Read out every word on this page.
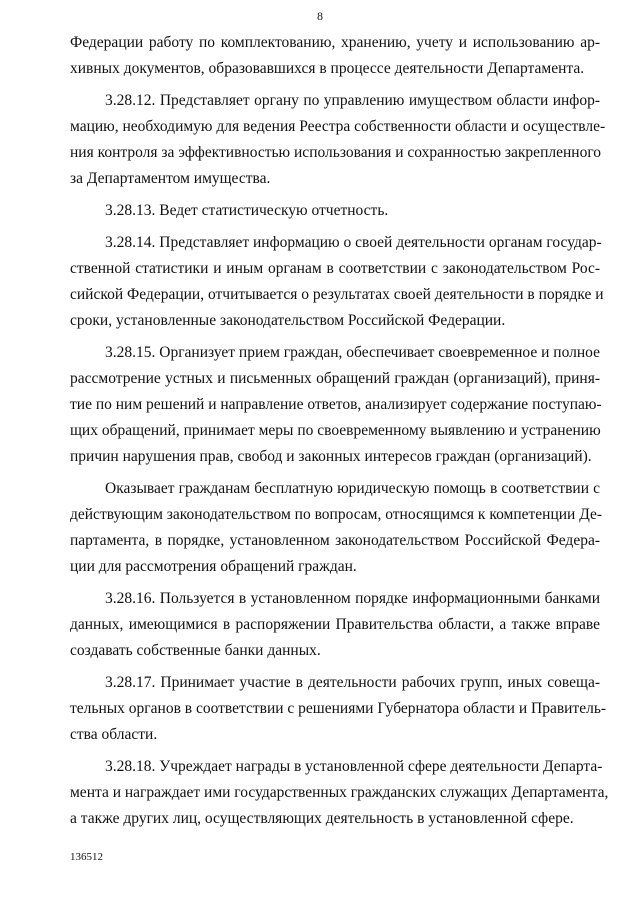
8
Федерации работу по комплектованию, хранению, учету и использованию ар-
хивных документов, образовавшихся в процессе деятельности Департамента.
3.28.12. Представляет органу по управлению имуществом области инфор-
мацию, необходимую для ведения Реестра собственности области и осуществле-
ния контроля за эффективностью использования и сохранностью закрепленного
за Департаментом имущества.
3.28.13. Ведет статистическую отчетность.
3.28.14. Представляет информацию о своей деятельности органам государ-
ственной статистики и иным органам в соответствии с законодательством Рос-
сийской Федерации, отчитывается о результатах своей деятельности в порядке и
сроки, установленные законодательством Российской Федерации.
3.28.15. Организует прием граждан, обеспечивает своевременное и полное
рассмотрение устных и письменных обращений граждан (организаций), приня-
тие по ним решений и направление ответов, анализирует содержание поступаю-
щих обращений, принимает меры по своевременному выявлению и устранению
причин нарушения прав, свобод и законных интересов граждан (организаций).
Оказывает гражданам бесплатную юридическую помощь в соответствии с
действующим законодательством по вопросам, относящимся к компетенции Де-
партамента, в порядке, установленном законодательством Российской Федера-
ции для рассмотрения обращений граждан.
3.28.16. Пользуется в установленном порядке информационными банками
данных, имеющимися в распоряжении Правительства области, а также вправе
создавать собственные банки данных.
3.28.17. Принимает участие в деятельности рабочих групп, иных совеща-
тельных органов в соответствии с решениями Губернатора области и Правитель-
ства области.
3.28.18. Учреждает награды в установленной сфере деятельности Департа-
мента и награждает ими государственных гражданских служащих Департамента,
а также других лиц, осуществляющих деятельность в установленной сфере.
136512
